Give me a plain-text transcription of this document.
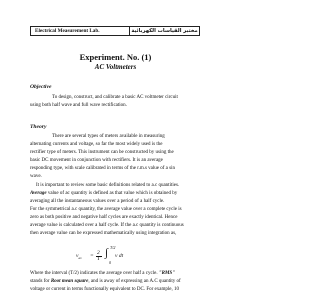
Electrical Measurement Lab.	مختبر القياسات الكهربائية
Experiment. No. (1)
AC Voltmeters
Objective
To design, construct, and calibrate a basic AC voltmeter circuit
using both half wave and full wave rectification.
Theory
There are several types of meters available in measuring
alternating currents and voltage, so far the most widely used is the
rectifier type of meters. This instrument can be constructed by using the
basic DC movement in conjunction with rectifiers. It is an average
responding type, with scale calibrated in terms of the r.m.s value of a sin
wave.
It is important to review some basic definitions related to a.c quantities.
Average value of ac quantity is defined as that value which is obtained by
averaging all the instantaneous values over a period of a half cycle.
For the symmetrical a.c quantity, the average value over a complete cycle is
zero as both positive and negative half cycles are exactly identical. Hence
average value is calculated over a half cycle. If the a.c quantity is continuous
then average value can be expressed mathematically using integration as,
$v_{av} = 2$
T ∫ T/2
0
v dt
Where the interval (T/2) indicates the average over half a cycle. "RMS"
stands for Root mean square, and is away of expressing an A.C quantity of
voltage or current in terms functionally equivalent to DC. For example, 10
